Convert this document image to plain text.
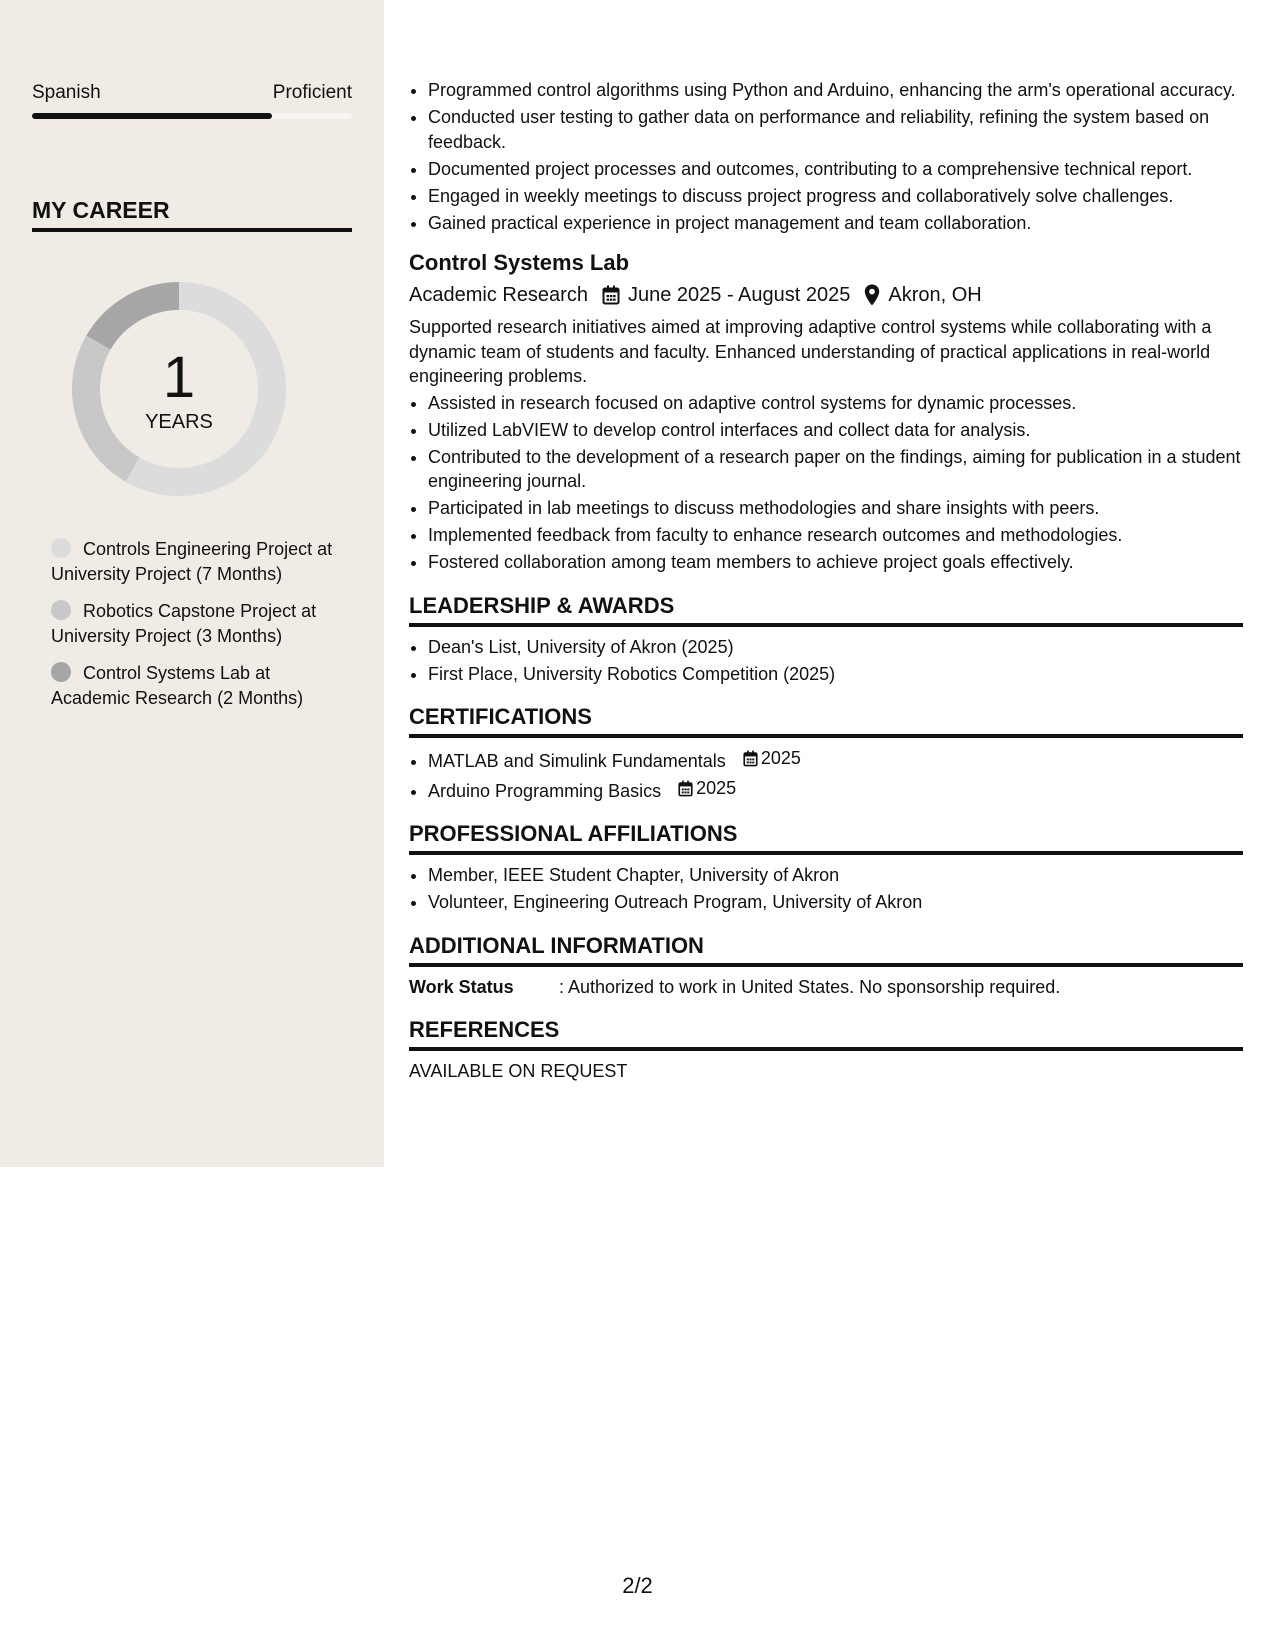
Spanish	Proficient
MY CAREER
1
YEARS
Controls Engineering Project at University Project (7 Months)
Robotics Capstone Project at University Project (3 Months)
Control Systems Lab at Academic Research (2 Months)
• Programmed control algorithms using Python and Arduino, enhancing the arm's operational accuracy.
• Conducted user testing to gather data on performance and reliability, refining the system based on feedback.
• Documented project processes and outcomes, contributing to a comprehensive technical report.
• Engaged in weekly meetings to discuss project progress and collaboratively solve challenges.
• Gained practical experience in project management and team collaboration.
Control Systems Lab
Academic Research June 2025 - August 2025 Akron, OH
Supported research initiatives aimed at improving adaptive control systems while collaborating with a dynamic team of students and faculty. Enhanced understanding of practical applications in real-world engineering problems.
• Assisted in research focused on adaptive control systems for dynamic processes.
• Utilized LabVIEW to develop control interfaces and collect data for analysis.
• Contributed to the development of a research paper on the findings, aiming for publication in a student engineering journal.
• Participated in lab meetings to discuss methodologies and share insights with peers.
• Implemented feedback from faculty to enhance research outcomes and methodologies.
• Fostered collaboration among team members to achieve project goals effectively.
LEADERSHIP & AWARDS
• Dean's List, University of Akron (2025)
• First Place, University Robotics Competition (2025)
CERTIFICATIONS
• MATLAB and Simulink Fundamentals 2025
• Arduino Programming Basics 2025
PROFESSIONAL AFFILIATIONS
• Member, IEEE Student Chapter, University of Akron
• Volunteer, Engineering Outreach Program, University of Akron
ADDITIONAL INFORMATION
Work Status	: Authorized to work in United States. No sponsorship required.
REFERENCES
AVAILABLE ON REQUEST
2/2
